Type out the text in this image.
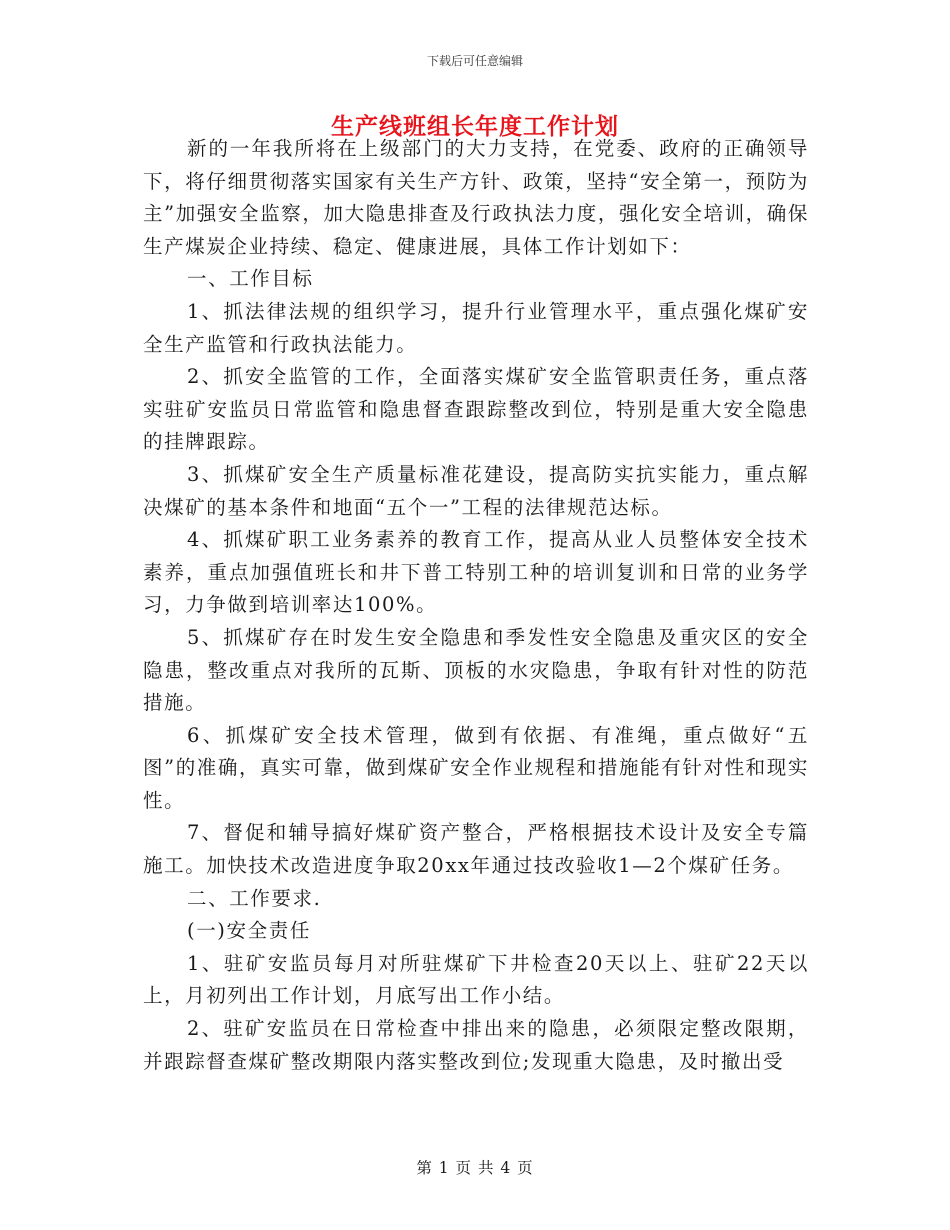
下载后可任意编辑
生产线班组长年度工作计划

新的一年我所将在上级部门的大力支持，在党委、政府的正确领导下，将仔细贯彻落实国家有关生产方针、政策，坚持“安全第一，预防为主”加强安全监察，加大隐患排查及行政执法力度，强化安全培训，确保生产煤炭企业持续、稳定、健康进展，具体工作计划如下：

一、工作目标

1、抓法律法规的组织学习，提升行业管理水平，重点强化煤矿安全生产监管和行政执法能力。

2、抓安全监管的工作，全面落实煤矿安全监管职责任务，重点落实驻矿安监员日常监管和隐患督查跟踪整改到位，特别是重大安全隐患的挂牌跟踪。

3、抓煤矿安全生产质量标准花建设，提高防实抗实能力，重点解决煤矿的基本条件和地面“五个一”工程的法律规范达标。

4、抓煤矿职工业务素养的教育工作，提高从业人员整体安全技术素养，重点加强值班长和井下普工特别工种的培训复训和日常的业务学习，力争做到培训率达100%。

5、抓煤矿存在时发生安全隐患和季发性安全隐患及重灾区的安全隐患，整改重点对我所的瓦斯、顶板的水灾隐患，争取有针对性的防范措施。

6、抓煤矿安全技术管理，做到有依据、有准绳，重点做好“五图”的准确，真实可靠，做到煤矿安全作业规程和措施能有针对性和现实性。

7、督促和辅导搞好煤矿资产整合，严格根据技术设计及安全专篇施工。加快技术改造进度争取20xx年通过技改验收1—2个煤矿任务。

二、工作要求.

(一)安全责任

1、驻矿安监员每月对所驻煤矿下井检查20天以上、驻矿22天以上，月初列出工作计划，月底写出工作小结。

2、驻矿安监员在日常检查中排出来的隐患，必须限定整改限期，并跟踪督查煤矿整改期限内落实整改到位;发现重大隐患，及时撤出受

第 1 页 共 4 页
